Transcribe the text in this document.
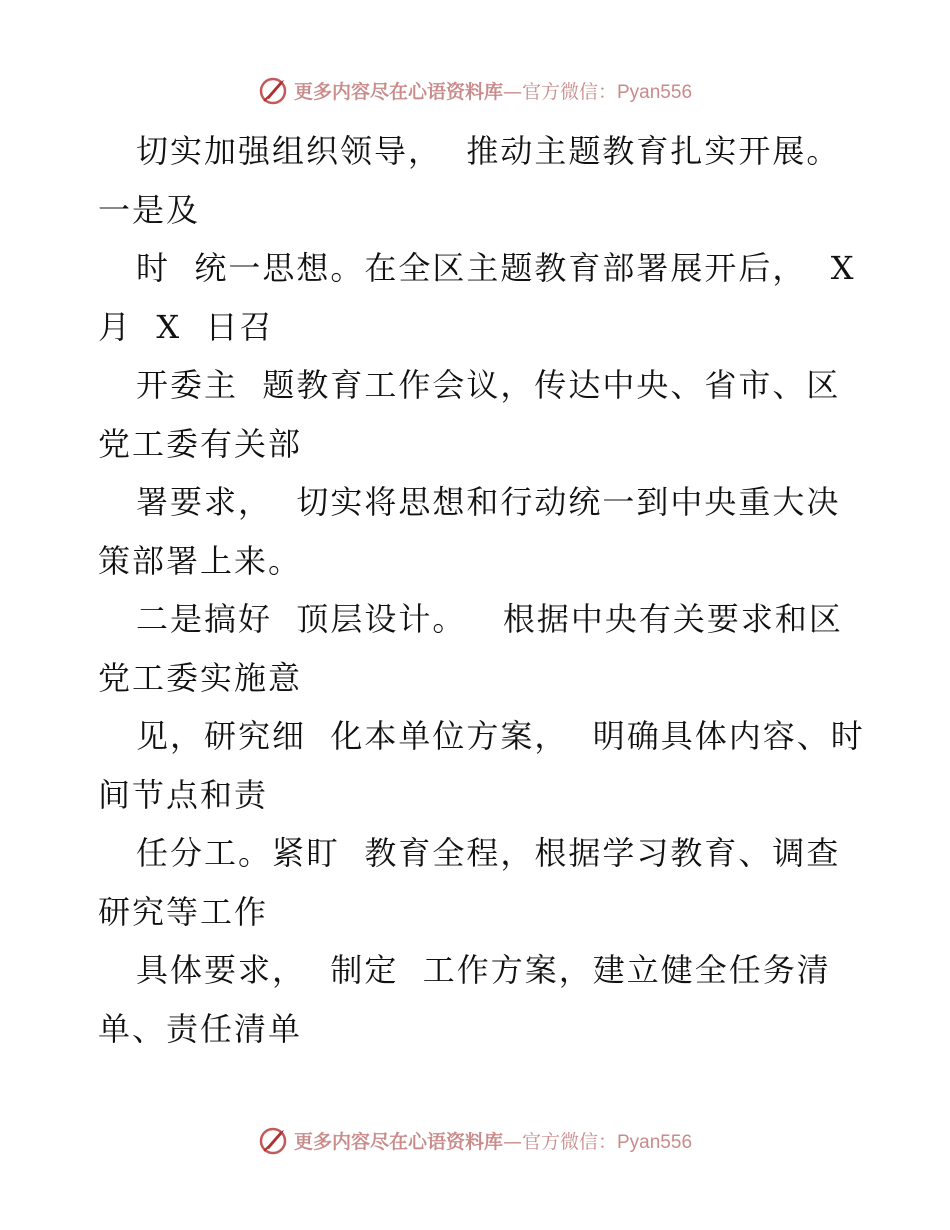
更多内容尽在心语资料库—官方微信：Pyan556
切实加强组织领导，  推动主题教育扎实开展。
一是及
时  统一思想。在全区主题教育部署展开后，  X
月  X  日召
开委主  题教育工作会议，传达中央、省市、区
党工委有关部
署要求，  切实将思想和行动统一到中央重大决
策部署上来。
二是搞好  顶层设计。   根据中央有关要求和区
党工委实施意
见，研究细  化本单位方案，  明确具体内容、时
间节点和责
任分工。紧盯  教育全程，根据学习教育、调查
研究等工作
具体要求，  制定  工作方案，建立健全任务清
单、责任清单
更多内容尽在心语资料库—官方微信：Pyan556
